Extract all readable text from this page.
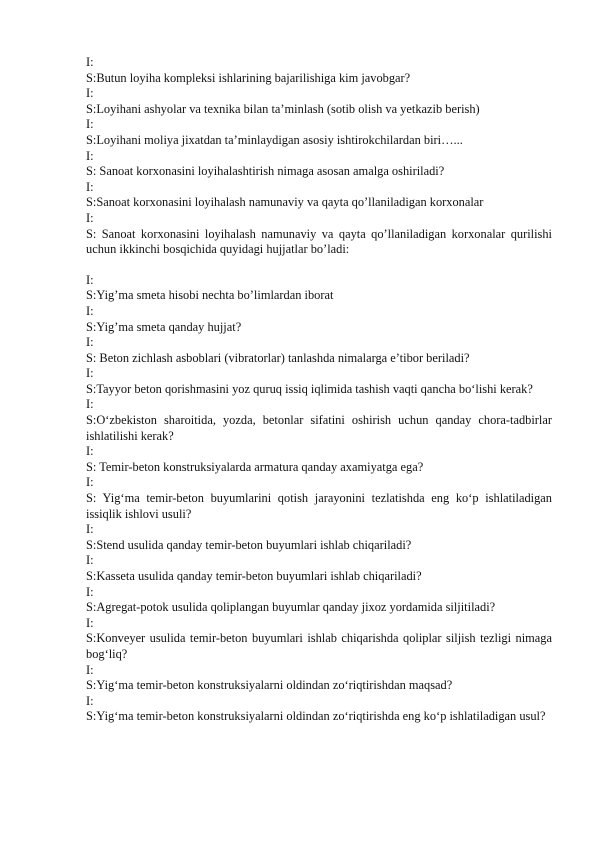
I:
S:Butun loyiha kompleksi ishlarining bajarilishiga kim javobgar?
I:
S:Loyihani ashyolar va texnika bilan ta’minlash (sotib olish va yetkazib berish)
I:
S:Loyihani moliya jixatdan ta’minlaydigan asosiy ishtirokchilardan biri…...
I:
S: Sanoat korxonasini loyihalashtirish nimaga asosan amalga oshiriladi?
I:
S:Sanoat korxonasini loyihalash namunaviy va qayta qo’llaniladigan korxonalar
I:
S: Sanoat korxonasini loyihalash namunaviy va qayta qo’llaniladigan korxonalar qurilishi uchun ikkinchi bosqichida quyidagi hujjatlar bo’ladi:
I:
S:Yig’ma smeta hisobi nechta bo’limlardan iborat
I:
S:Yig’ma smeta qanday hujjat?
I:
S: Beton zichlash asboblari (vibratorlar) tanlashda nimalarga e’tibor beriladi?
I:
S:Tayyor beton qorishmasini yoz quruq issiq iqlimida tashish vaqti qancha bo‘lishi kerak?
I:
S:O‘zbekiston sharoitida, yozda, betonlar sifatini oshirish uchun qanday chora-tadbirlar ishlatilishi kerak?
I:
S: Temir-beton konstruksiyalarda armatura qanday axamiyatga ega?
I:
S: Yig‘ma temir-beton buyumlarini qotish jarayonini tezlatishda eng ko‘p ishlatiladigan issiqlik ishlovi usuli?
I:
S:Stend usulida qanday temir-beton buyumlari ishlab chiqariladi?
I:
S:Kasseta usulida qanday temir-beton buyumlari ishlab chiqariladi?
I:
S:Agregat-potok usulida qoliplangan buyumlar qanday jixoz yordamida siljitiladi?
I:
S:Konveyer usulida temir-beton buyumlari ishlab chiqarishda qoliplar siljish tezligi nimaga bog‘liq?
I:
S:Yig‘ma temir-beton konstruksiyalarni oldindan zo‘riqtirishdan maqsad?
I:
S:Yig‘ma temir-beton konstruksiyalarni oldindan zo‘riqtirishda eng ko‘p ishlatiladigan usul?
